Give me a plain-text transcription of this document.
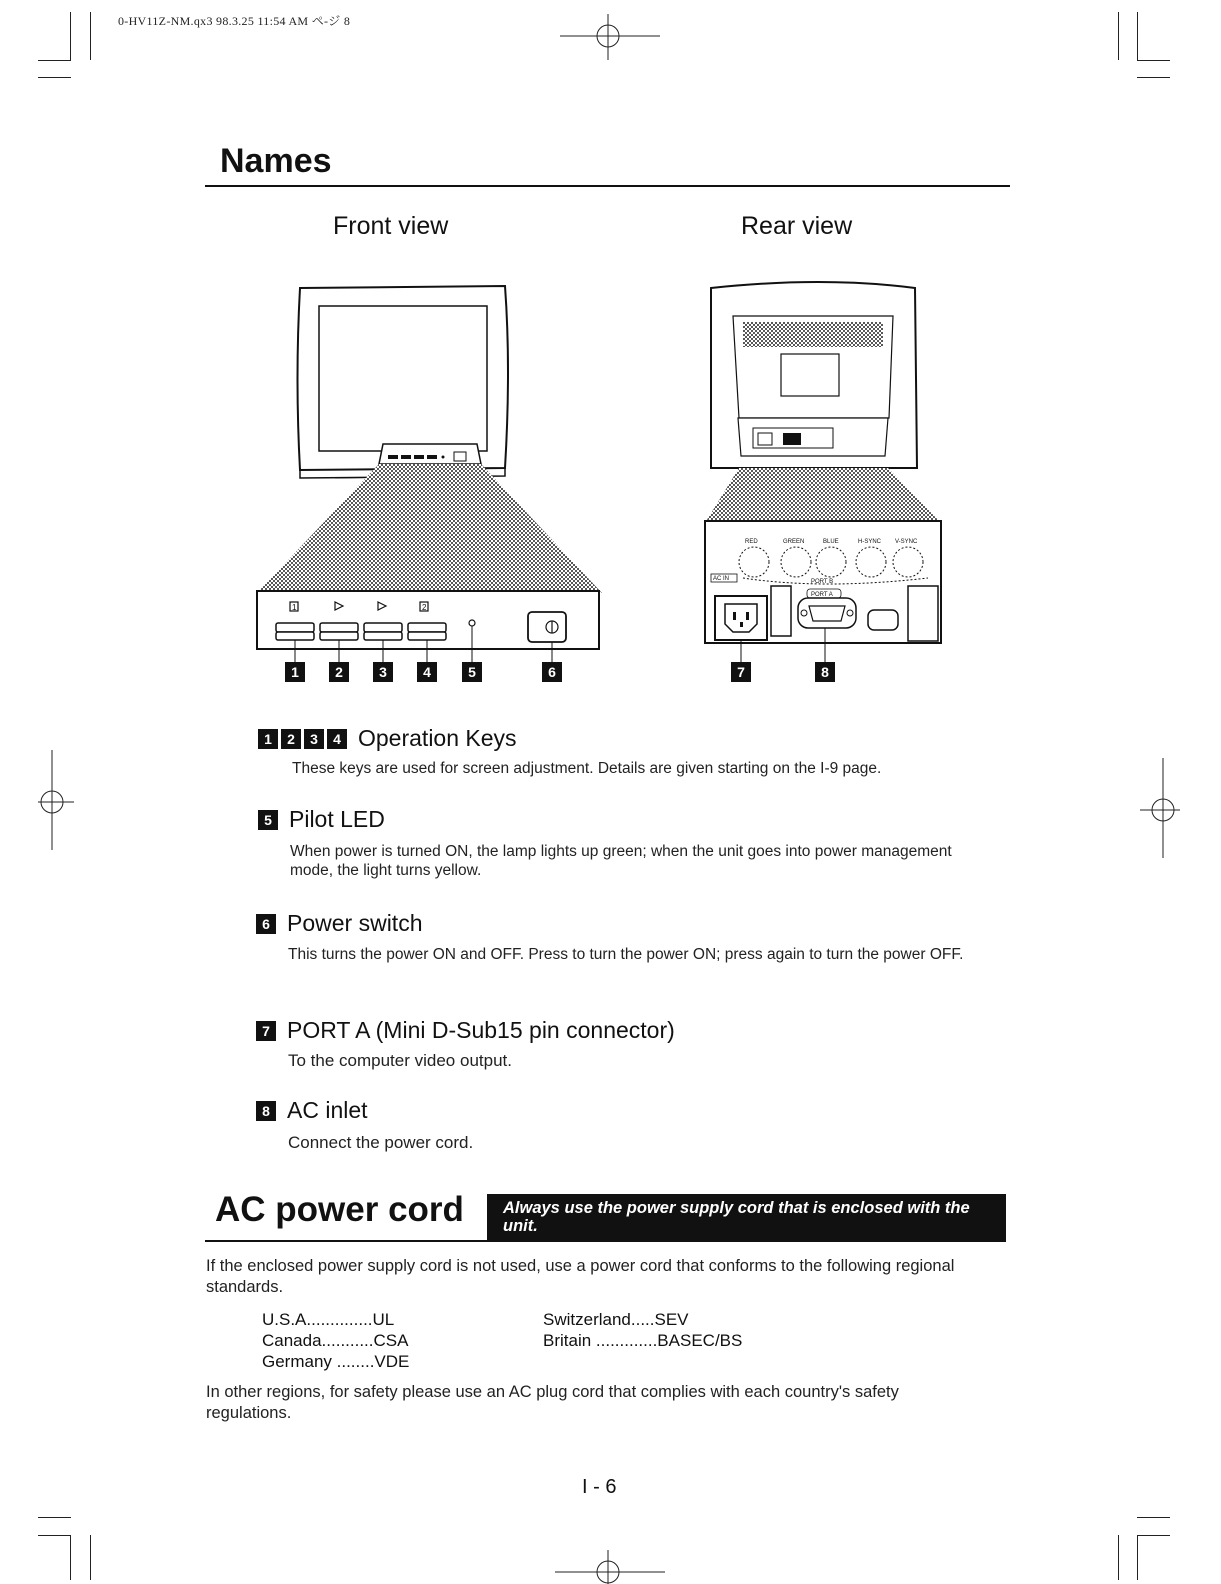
0-HV11Z-NM.qx3 98.3.25 11:54 AM ペ-ジ 8
Names
Front view	Rear view
1	2
1	2	3	4	5	6
RED	GREEN	BLUE	H-SYNC V-SYNC
AC IN	PORT B
PORT A
7	8
1	2	3	4 Operation Keys
These keys are used for screen adjustment. Details are given starting on the I-9 page.
5 Pilot LED
When power is turned ON, the lamp lights up green; when the unit goes into power management mode, the light turns yellow.
6 Power switch
This turns the power ON and OFF. Press to turn the power ON; press again to turn the power OFF.
7 PORT A (Mini D-Sub15 pin connector)
To the computer video output.
8 AC inlet
Connect the power cord.
AC power cord	Always use the power supply cord that is enclosed with the unit.
If the enclosed power supply cord is not used, use a power cord that conforms to the following regional standards.
U.S.A..............UL
Canada...........CSA
Germany ........VDE
Switzerland.....SEV
Britain .............BASEC/BS
In other regions, for safety please use an AC plug cord that complies with each country's safety regulations.
I - 6
